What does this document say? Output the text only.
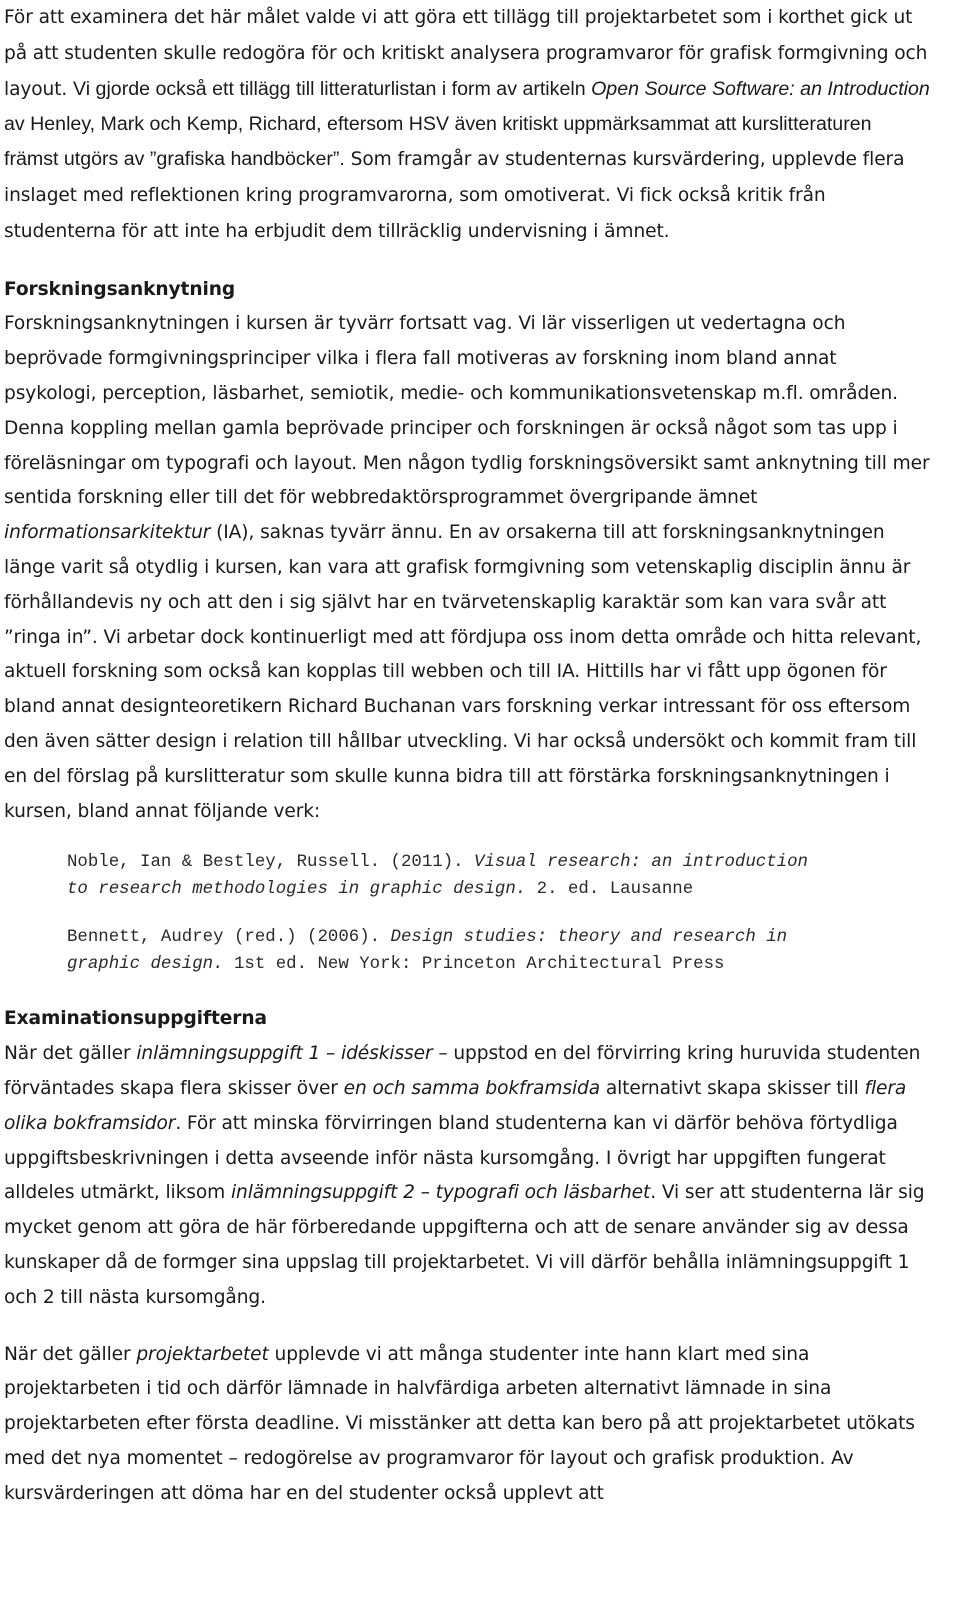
För att examinera det här målet valde vi att göra ett tillägg till projektarbetet som i korthet gick ut på att studenten skulle redogöra för och kritiskt analysera programvaror för grafisk formgivning och layout. Vi gjorde också ett tillägg till litteraturlistan i form av artikeln Open Source Software: an Introduction av Henley, Mark och Kemp, Richard, eftersom HSV även kritiskt uppmärksammat att kurslitteraturen främst utgörs av ”grafiska handböcker”. Som framgår av studenternas kursvärdering, upplevde flera inslaget med reflektionen kring programvarorna, som omotiverat. Vi fick också kritik från studenterna för att inte ha erbjudit dem tillräcklig undervisning i ämnet.

Forskningsanknytning

Forskningsanknytningen i kursen är tyvärr fortsatt vag. Vi lär visserligen ut vedertagna och beprövade formgivningsprinciper vilka i flera fall motiveras av forskning inom bland annat psykologi, perception, läsbarhet, semiotik, medie- och kommunikationsvetenskap m.fl. områden. Denna koppling mellan gamla beprövade principer och forskningen är också något som tas upp i föreläsningar om typografi och layout. Men någon tydlig forskningsöversikt samt anknytning till mer sentida forskning eller till det för webbredaktörsprogrammet övergripande ämnet informationsarkitektur (IA), saknas tyvärr ännu. En av orsakerna till att forskningsanknytningen länge varit så otydlig i kursen, kan vara att grafisk formgivning som vetenskaplig disciplin ännu är förhållandevis ny och att den i sig självt har en tvärvetenskaplig karaktär som kan vara svår att ”ringa in”. Vi arbetar dock kontinuerligt med att fördjupa oss inom detta område och hitta relevant, aktuell forskning som också kan kopplas till webben och till IA. Hittills har vi fått upp ögonen för bland annat designteoretikern Richard Buchanan vars forskning verkar intressant för oss eftersom den även sätter design i relation till hållbar utveckling. Vi har också undersökt och kommit fram till en del förslag på kurslitteratur som skulle kunna bidra till att förstärka forskningsanknytningen i kursen, bland annat följande verk:

Noble, Ian & Bestley, Russell. (2011). Visual research: an introduction to research methodologies in graphic design. 2. ed. Lausanne

Bennett, Audrey (red.) (2006). Design studies: theory and research in graphic design. 1st ed. New York: Princeton Architectural Press

Examinationsuppgifterna

När det gäller inlämningsuppgift 1 – idéskisser – uppstod en del förvirring kring huruvida studenten förväntades skapa flera skisser över en och samma bokframsida alternativt skapa skisser till flera olika bokframsidor. För att minska förvirringen bland studenterna kan vi därför behöva förtydliga uppgiftsbeskrivningen i detta avseende inför nästa kursomgång. I övrigt har uppgiften fungerat alldeles utmärkt, liksom inlämningsuppgift 2 – typografi och läsbarhet. Vi ser att studenterna lär sig mycket genom att göra de här förberedande uppgifterna och att de senare använder sig av dessa kunskaper då de formger sina uppslag till projektarbetet. Vi vill därför behålla inlämningsuppgift 1 och 2 till nästa kursomgång.

När det gäller projektarbetet upplevde vi att många studenter inte hann klart med sina projektarbeten i tid och därför lämnade in halvfärdiga arbeten alternativt lämnade in sina projektarbeten efter första deadline. Vi misstänker att detta kan bero på att projektarbetet utökats med det nya momentet – redogörelse av programvaror för layout och grafisk produktion. Av kursvärderingen att döma har en del studenter också upplevt att
